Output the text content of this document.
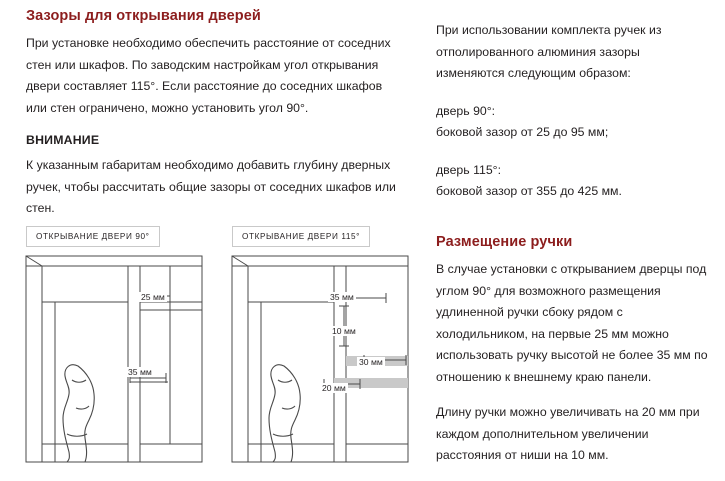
Зазоры для открывания дверей

При установке необходимо обеспечить расстояние от соседних стен или шкафов. По заводским настройкам угол открывания двери составляет 115°. Если расстояние до соседних шкафов или стен ограничено, можно установить угол 90°.

ВНИМАНИЕ

К указанным габаритам необходимо добавить глубину дверных ручек, чтобы рассчитать общие зазоры от соседних шкафов или стен.

При использовании комплекта ручек из отполированного алюминия зазоры изменяются следующим образом:

дверь 90°:

боковой зазор от 25 до 95 мм;

дверь 115°:

боковой зазор от 355 до 425 мм.

Размещение ручки

В случае установки с открыванием дверцы под углом 90° для возможного размещения удлиненной ручки сбоку рядом с холодильником, на первые 25 мм можно использовать ручку высотой не более 35 мм по отношению к внешнему краю панели.

Длину ручки можно увеличивать на 20 мм при каждом дополнительном увеличении расстояния от ниши на 10 мм.

ОТКРЫВАНИЕ ДВЕРИ 90°	ОТКРЫВАНИЕ ДВЕРИ 115°
25 мм
35 мм
35 мм
10 мм
30 мм
20 мм
